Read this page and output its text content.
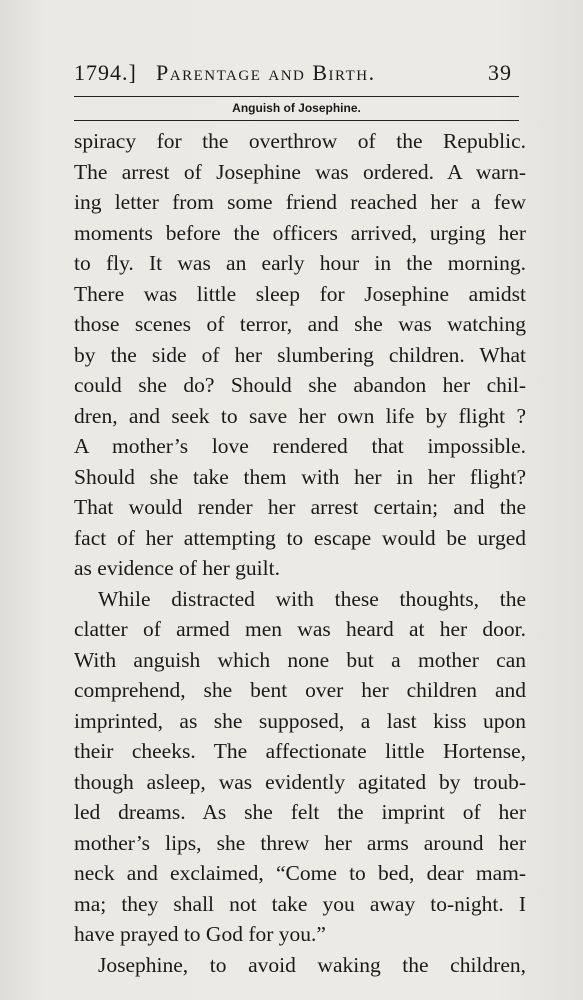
1794.] Parentage and Birth.	39
Anguish of Josephine.
spiracy for the overthrow of the Republic.
The arrest of Josephine was ordered. A warn-
ing letter from some friend reached her a few
moments before the officers arrived, urging her
to fly. It was an early hour in the morning.
There was little sleep for Josephine amidst
those scenes of terror, and she was watching
by the side of her slumbering children. What
could she do? Should she abandon her chil-
dren, and seek to save her own life by flight ?
A mother’s love rendered that impossible.
Should she take them with her in her flight?
That would render her arrest certain; and the
fact of her attempting to escape would be urged
as evidence of her guilt.
While distracted with these thoughts, the
clatter of armed men was heard at her door.
With anguish which none but a mother can
comprehend, she bent over her children and
imprinted, as she supposed, a last kiss upon
their cheeks. The affectionate little Hortense,
though asleep, was evidently agitated by troub-
led dreams. As she felt the imprint of her
mother’s lips, she threw her arms around her
neck and exclaimed, “Come to bed, dear mam-
ma; they shall not take you away to-night. I
have prayed to God for you.”
Josephine, to avoid waking the children,
